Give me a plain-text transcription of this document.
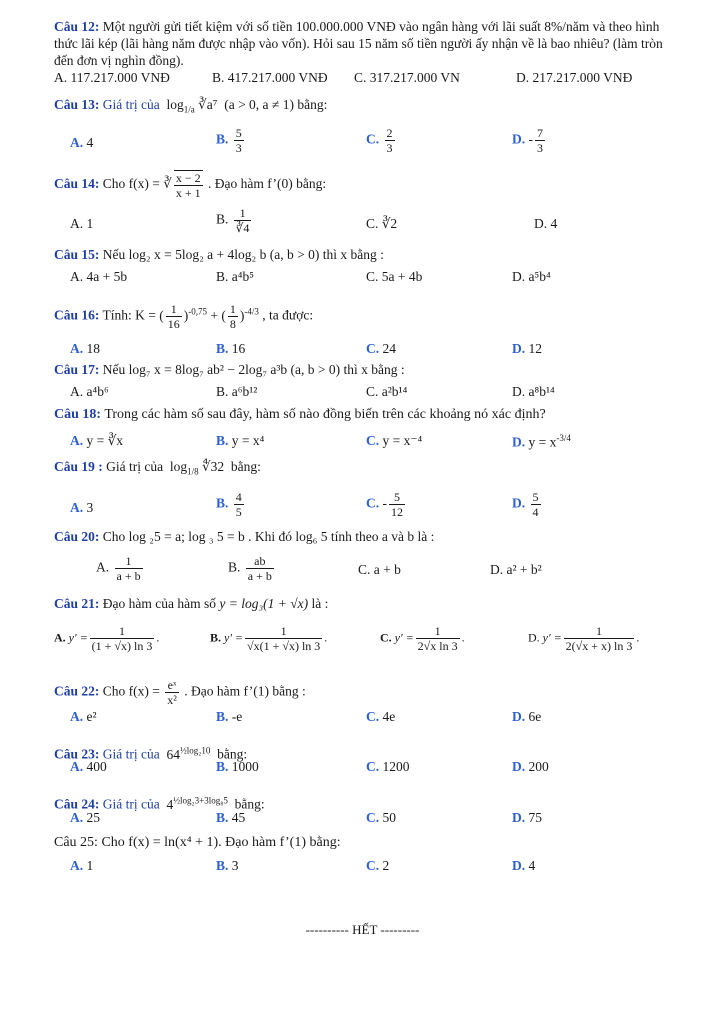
Câu 12: Một người gửi tiết kiệm với số tiền 100.000.000 VNĐ vào ngân hàng với lãi suất 8%/năm và theo hình thức lãi kép (lãi hàng năm được nhập vào vốn). Hỏi sau 15 năm số tiền người ấy nhận về là bao nhiêu? (làm tròn đến đơn vị nghìn đồng).
A. 117.217.000 VNĐ	B. 417.217.000 VNĐ C. 317.217.000 VN	D. 217.217.000 VNĐ
Câu 13: Giá trị của $\log_{1/a}$ ∛a⁷ (a > 0, a ≠ 1) bằng:
A. 4	B. $\frac{5}{3}$	C. $\frac{2}{3}$	D. - $\frac{7}{3}$
Câu 14: Cho f(x) = ∛ $\frac{x - 2}{x + 1}$ . Đạo hàm f’(0) bằng:
A. 1	B. $\frac{1}{∛4}$	C. ∛2	D. 4
Câu 15: Nếu log₂ x = 5log₂ a + 4log₂ b (a, b > 0) thì x bằng :
A. 4a + 5b	B. a⁴b⁵	C. 5a + 4b	D. a⁵b⁴
Câu 16: Tính: K = ( $\frac{1}{16} )^{-0,75}$ + ( $\frac{1}{8} )^{-4/3}$ , ta được:
A. 18	B. 16	C. 24	D. 12
Câu 17: Nếu log₇ x = 8log₇ ab² − 2log₇ a³b (a, b > 0) thì x bằng :
A. a⁴b⁶	B. a⁶b¹²	C. a²b¹⁴	D. a⁸b¹⁴
Câu 18: Trong các hàm số sau đây, hàm số nào đồng biến trên các khoảng nó xác định?
A. y = ∛x	B. y = x⁴	C. y = x⁻⁴	D. $y = x^{-3/4}$
Câu 19 : Giá trị của $\log_{1/8}$ ∜32 bằng:
A. 3	B. $\frac{4}{5}$	C. - $\frac{5}{12}$	D. $\frac{5}{4}$
Câu 20: Cho log ₂5 = a; log ₃ 5 = b . Khi đó log₆ 5 tính theo a và b là :
A. $\frac{1}{a + b}$	B. $\frac{ab}{a + b}$	C. a + b	D. a² + b²
Câu 21: Đạo hàm của hàm số y = log₃(1 + √x) là :
A. $y' = \frac{1}{(1 + √x) \ln 3}$ .	B. $y' = \frac{1}{√x(1 + √x) \ln 3}$ .	C. $y' = \frac{1}{\text{2√x ln 3}}$ .	D. $y' = \frac{1}{2(√x + x) \ln 3}$ .
Câu 22: Cho $f(x) = \frac{\text{eˣ}}{\text{x²}}$ . Đạo hàm f’(1) bằng :
A. e²	B. -e	C. 4e	D. 6e
Câu 23: Giá trị của $64^{\frac{1}{2}log_210}$ bằng:
A. 400	B. 1000	C. 1200	D. 200
Câu 24: Giá trị của $4^{\frac{1}{2}log_23+3log_85}$ bằng:
A. 25	B. 45	C. 50	D. 75
Câu 25: Cho f(x) = ln(x⁴ + 1). Đạo hàm f’(1) bằng:
A. 1	B. 3	C. 2	D. 4
---------- HẾT ---------
